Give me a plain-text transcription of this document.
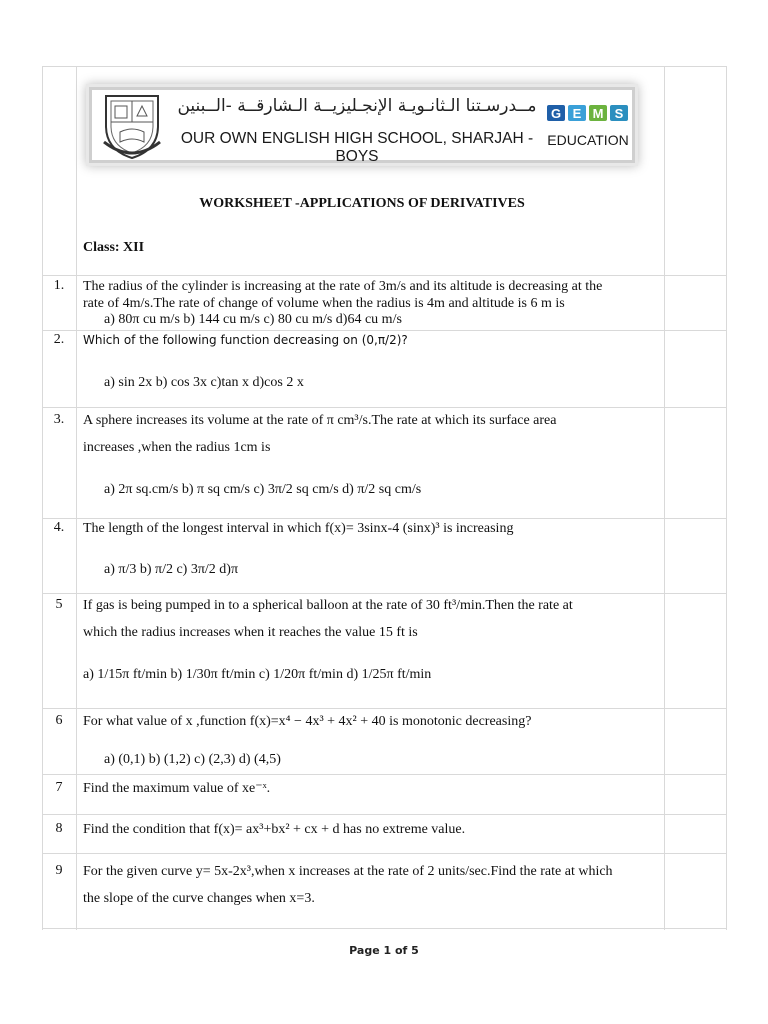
مــدرسـتنا الـثانـويـة الإنجـليزيــة الـشارقــة -الــبنين
OUR OWN ENGLISH HIGH SCHOOL, SHARJAH - BOYS
G E M S
EDUCATION
WORKSHEET -APPLICATIONS OF DERIVATIVES
Class: XII
1.	The radius of the cylinder is increasing at the rate of 3m/s and its altitude is decreasing at the
rate of 4m/s.The rate of change of volume when the radius is 4m and altitude is 6 m is
a) 80π cu m/s b) 144 cu m/s c) 80 cu m/s d)64 cu m/s
2.	Which of the following function decreasing on (0,π/2)?
a) sin 2x b) cos 3x c)tan x d)cos 2 x
3.	A sphere increases its volume at the rate of π cm³/s.The rate at which its surface area
increases ,when the radius 1cm is
a) 2π sq.cm/s b) π sq cm/s c) 3π/2 sq cm/s d) π/2 sq cm/s
4.	The length of the longest interval in which f(x)= 3sinx-4 (sinx)³ is increasing
a) π/3 b) π/2 c) 3π/2 d)π
5	If gas is being pumped in to a spherical balloon at the rate of 30 ft³/min.Then the rate at
which the radius increases when it reaches the value 15 ft is
a) 1/15π ft/min b) 1/30π ft/min c) 1/20π ft/min d) 1/25π ft/min
6	For what value of x ,function f(x)=x⁴ − 4x³ + 4x² + 40 is monotonic decreasing?
a) (0,1) b) (1,2) c) (2,3) d) (4,5)
7	Find the maximum value of xe⁻ˣ.
8	Find the condition that f(x)= ax³+bx² + cx + d has no extreme value.
9	For the given curve y= 5x-2x³,when x increases at the rate of 2 units/sec.Find the rate at which
the slope of the curve changes when x=3.
Page 1 of 5
